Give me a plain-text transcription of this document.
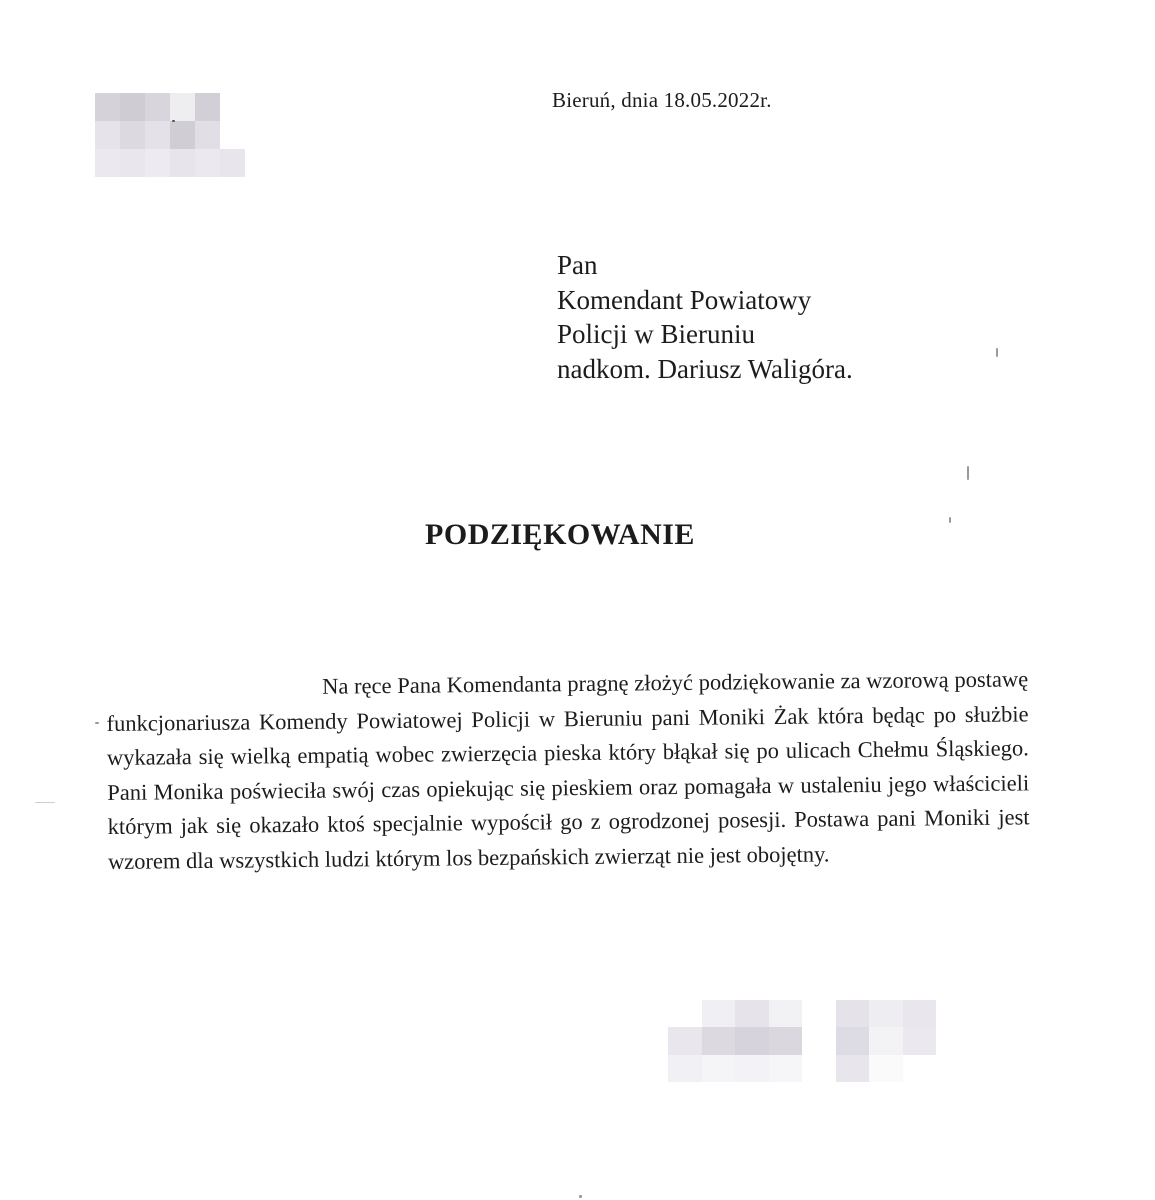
Bieruń, dnia 18.05.2022r.
Pan
Komendant Powiatowy
Policji w Bieruniu
nadkom. Dariusz Waligóra.
PODZIĘKOWANIE
Na ręce Pana Komendanta pragnę złożyć podziękowanie za wzorową postawę funkcjonariusza Komendy Powiatowej Policji w Bieruniu pani Moniki Żak która będąc po służbie wykazała się wielką empatią wobec zwierzęcia pieska który błąkał się po ulicach Chełmu Śląskiego. Pani Monika poświeciła swój czas opiekując się pieskiem oraz pomagała w ustaleniu jego właścicieli którym jak się okazało ktoś specjalnie wypościł go z ogrodzonej posesji. Postawa pani Moniki jest wzorem dla wszystkich ludzi którym los bezpańskich zwierząt nie jest obojętny.
